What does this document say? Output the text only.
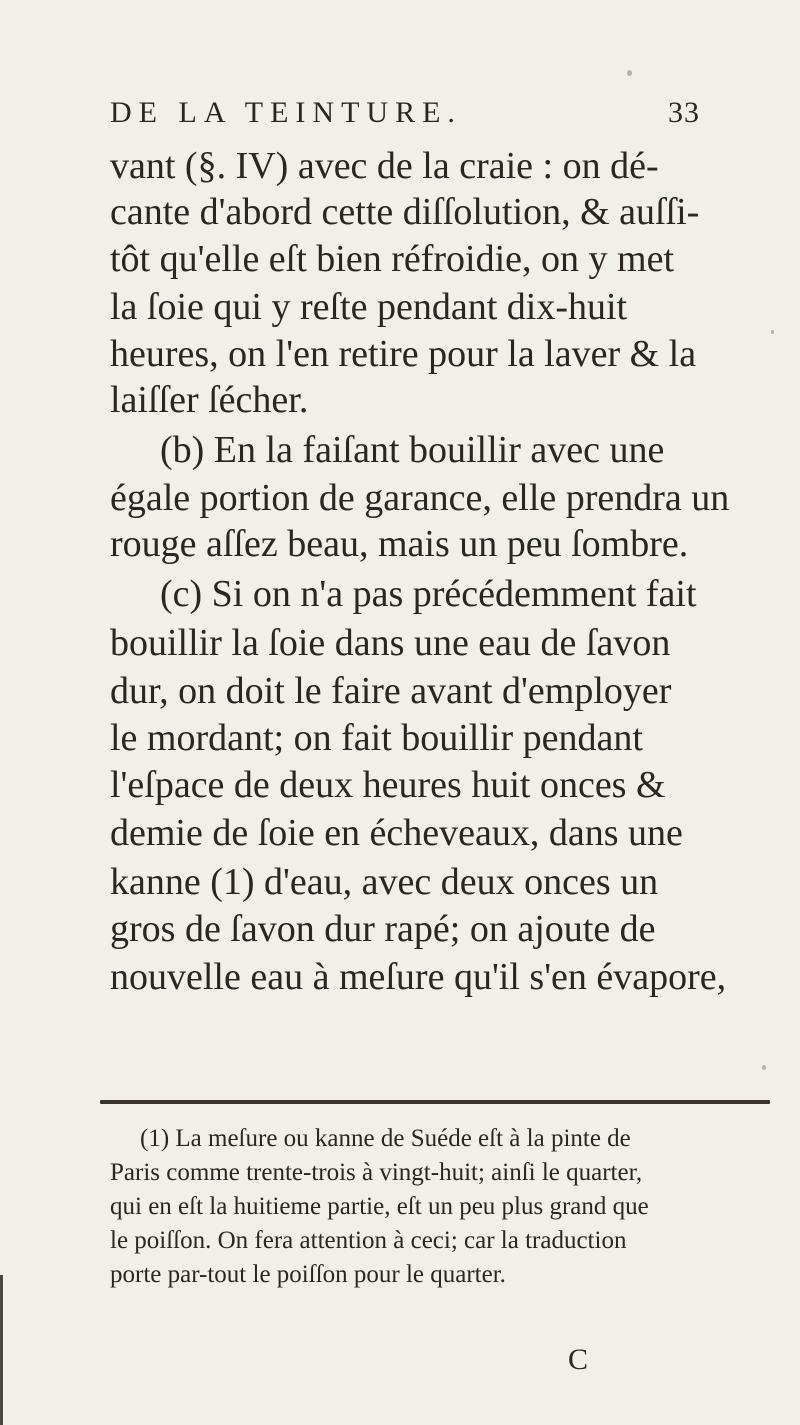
DE LA TEINTURE.	33
vant (§. IV) avec de la craie : on dé-
cante d'abord cette diſſolution, & auſſi-
tôt qu'elle eſt bien réfroidie, on y met
la ſoie qui y reſte pendant dix-huit
heures, on l'en retire pour la laver & la
laiſſer ſécher.
(b) En la faiſant bouillir avec une
égale portion de garance, elle prendra un
rouge aſſez beau, mais un peu ſombre.
(c) Si on n'a pas précédemment fait
bouillir la ſoie dans une eau de ſavon
dur, on doit le faire avant d'employer
le mordant; on fait bouillir pendant
l'eſpace de deux heures huit onces &
demie de ſoie en écheveaux, dans une
kanne (1) d'eau, avec deux onces un
gros de ſavon dur rapé; on ajoute de
nouvelle eau à meſure qu'il s'en évapore,
(1) La meſure ou kanne de Suéde eſt à la pinte de
Paris comme trente-trois à vingt-huit; ainſi le quarter,
qui en eſt la huitieme partie, eſt un peu plus grand que
le poiſſon. On fera attention à ceci; car la traduction
porte par-tout le poiſſon pour le quarter.
C
